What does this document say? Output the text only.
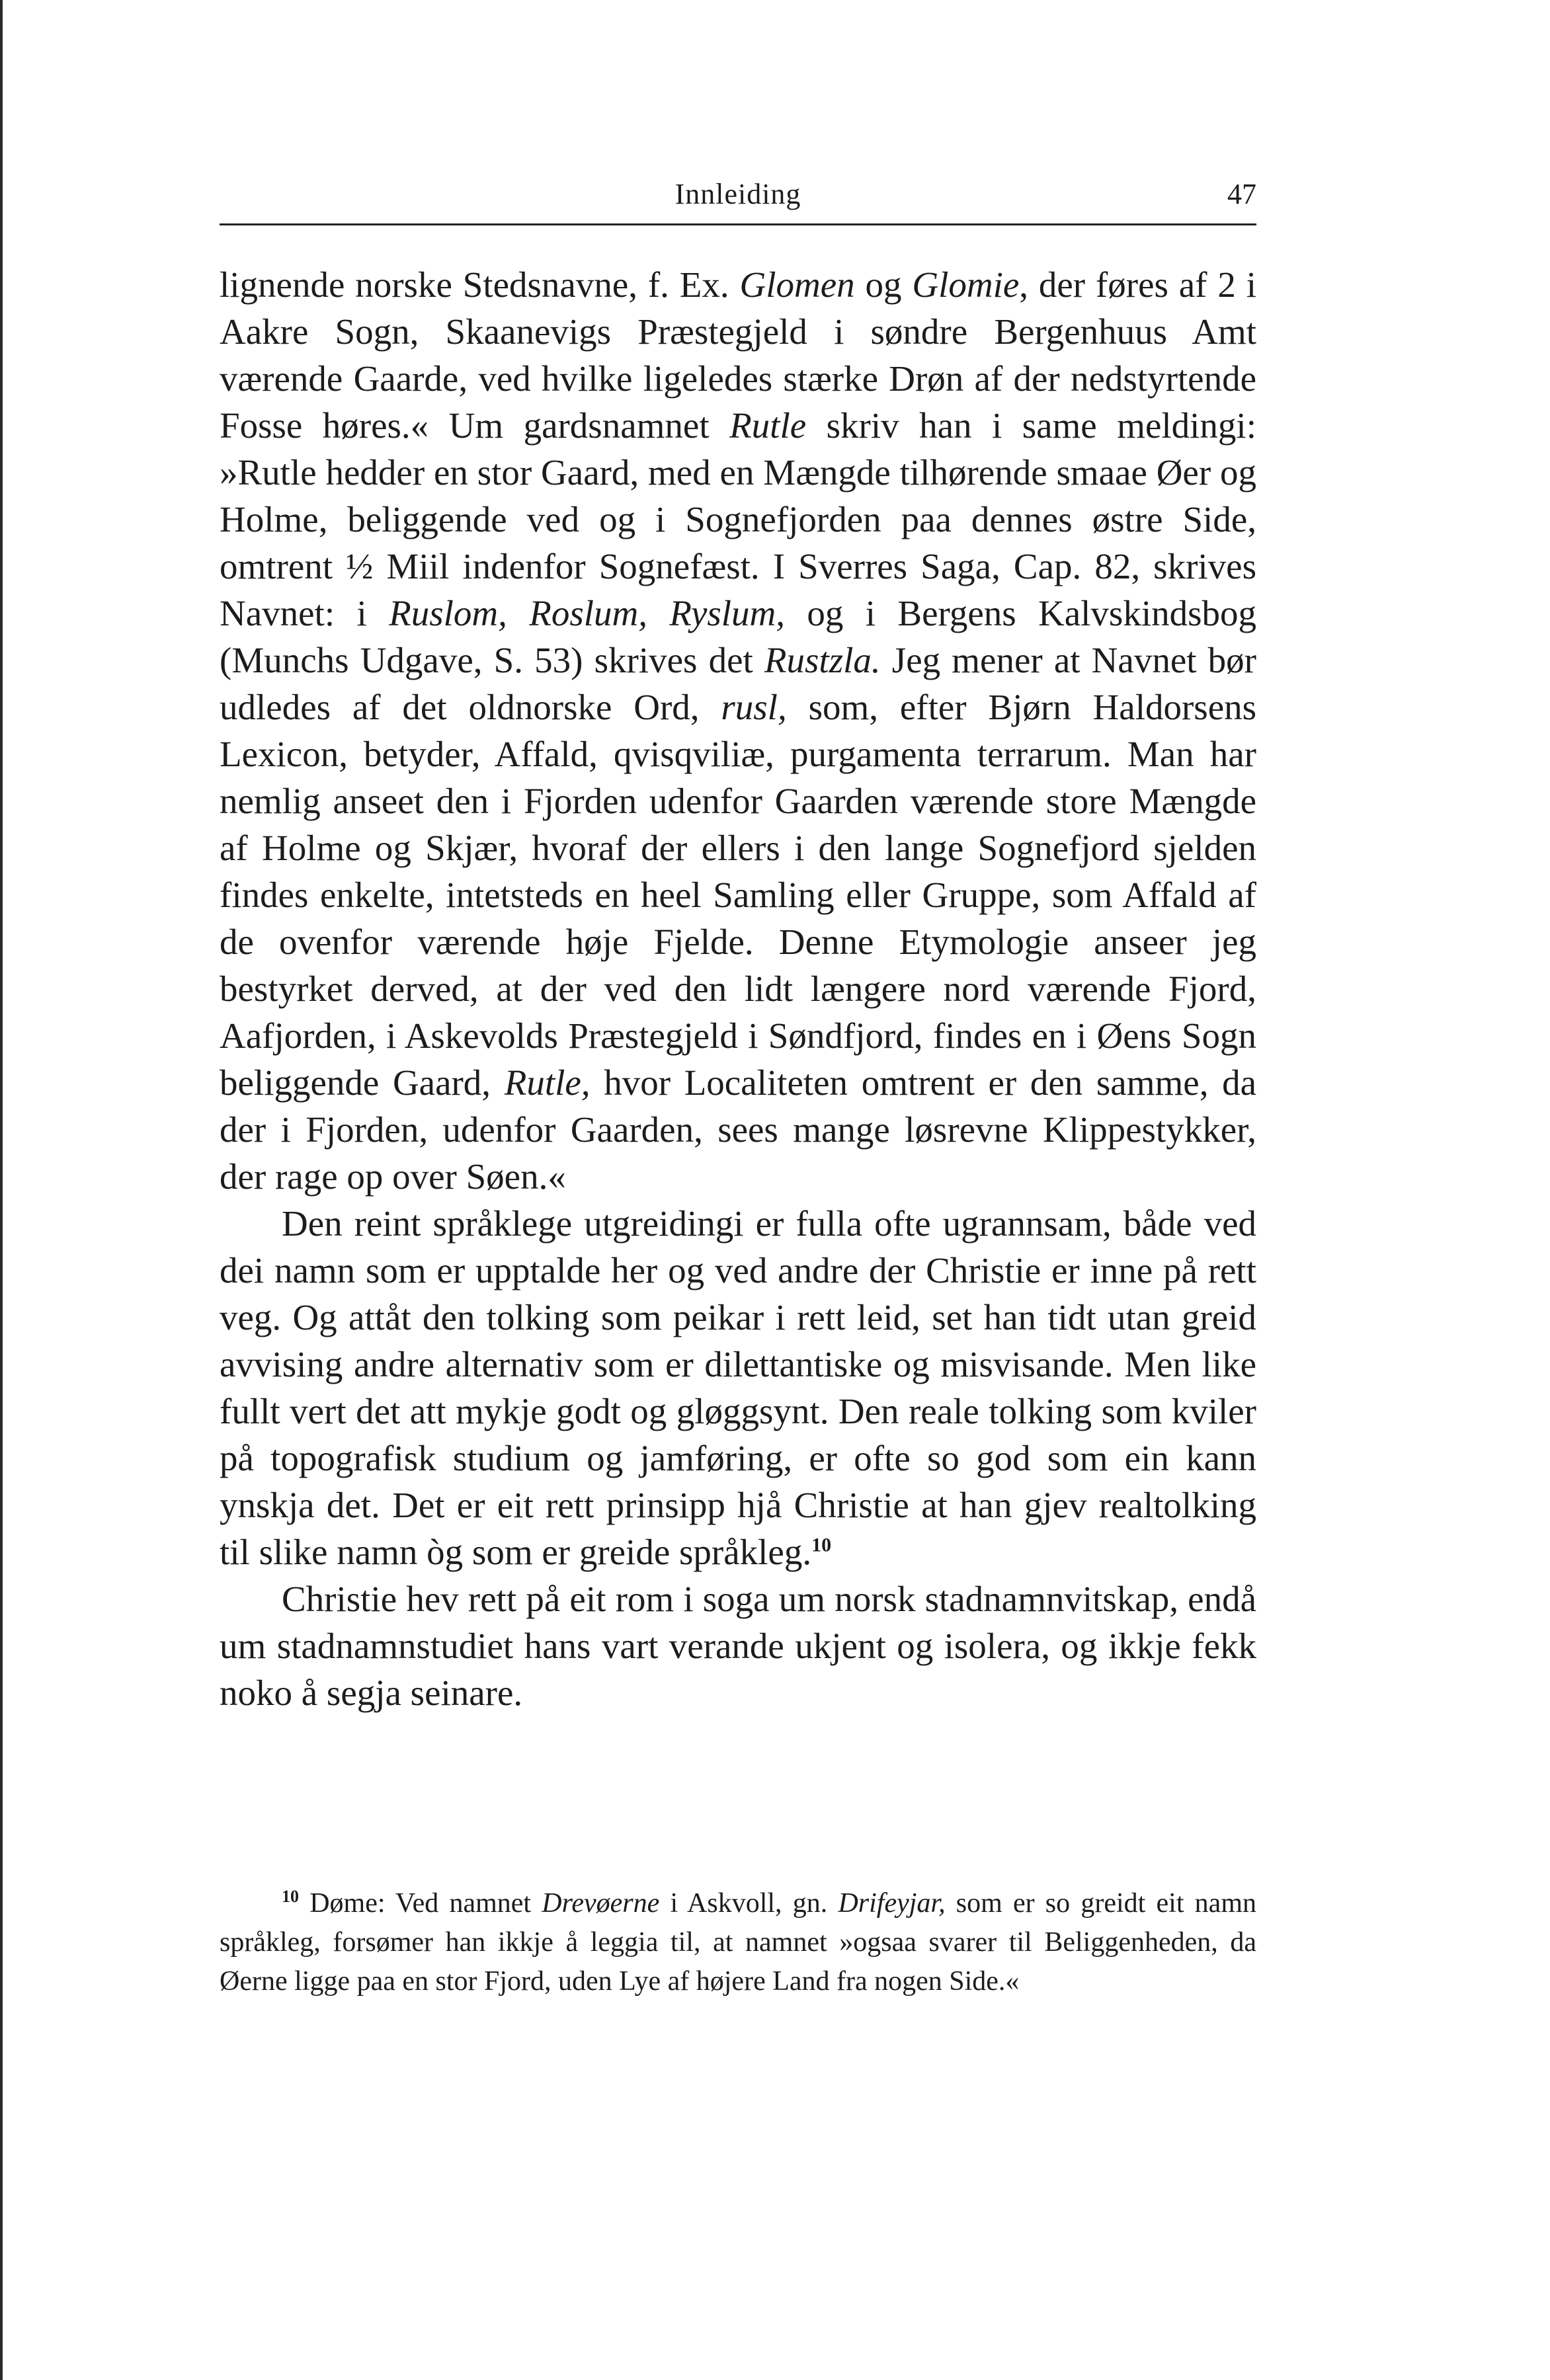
Innleiding	47

lignende norske Stedsnavne, f. Ex. Glomen og Glomie, der føres af 2 i Aakre Sogn, Skaanevigs Præstegjeld i søndre Bergenhuus Amt værende Gaarde, ved hvilke ligeledes stærke Drøn af der nedstyrtende Fosse høres.« Um gardsnamnet Rutle skriv han i same meldingi: »Rutle hedder en stor Gaard, med en Mængde tilhørende smaae Øer og Holme, beliggende ved og i Sognefjorden paa dennes østre Side, omtrent ½ Miil indenfor Sognefæst. I Sverres Saga, Cap. 82, skrives Navnet: i Ruslom, Roslum, Ryslum, og i Bergens Kalvskindsbog (Munchs Udgave, S. 53) skrives det Rustzla. Jeg mener at Navnet bør udledes af det oldnorske Ord, rusl, som, efter Bjørn Haldorsens Lexicon, betyder, Affald, qvisqviliæ, purgamenta terrarum. Man har nemlig anseet den i Fjorden udenfor Gaarden værende store Mængde af Holme og Skjær, hvoraf der ellers i den lange Sognefjord sjelden findes enkelte, intetsteds en heel Samling eller Gruppe, som Affald af de ovenfor værende høje Fjelde. Denne Etymologie anseer jeg bestyrket derved, at der ved den lidt længere nord værende Fjord, Aafjorden, i Askevolds Præstegjeld i Søndfjord, findes en i Øens Sogn beliggende Gaard, Rutle, hvor Localiteten omtrent er den samme, da der i Fjorden, udenfor Gaarden, sees mange løsrevne Klippestykker, der rage op over Søen.«

Den reint språklege utgreidingi er fulla ofte ugrannsam, både ved dei namn som er upptalde her og ved andre der Christie er inne på rett veg. Og attåt den tolking som peikar i rett leid, set han tidt utan greid avvising andre alternativ som er dilettantiske og misvisande. Men like fullt vert det att mykje godt og gløggsynt. Den reale tolking som kviler på topografisk studium og jamføring, er ofte so god som ein kann ynskja det. Det er eit rett prinsipp hjå Christie at han gjev realtolking til slike namn òg som er greide språkleg.$^{10}$

Christie hev rett på eit rom i soga um norsk stadnamnvitskap, endå um stadnamnstudiet hans vart verande ukjent og isolera, og ikkje fekk noko å segja seinare.

$^{10}$ Døme: Ved namnet Drevøerne i Askvoll, gn. Drifeyjar, som er so greidt eit namn språkleg, forsømer han ikkje å leggia til, at namnet »ogsaa svarer til Beliggenheden, da Øerne ligge paa en stor Fjord, uden Lye af højere Land fra nogen Side.«
